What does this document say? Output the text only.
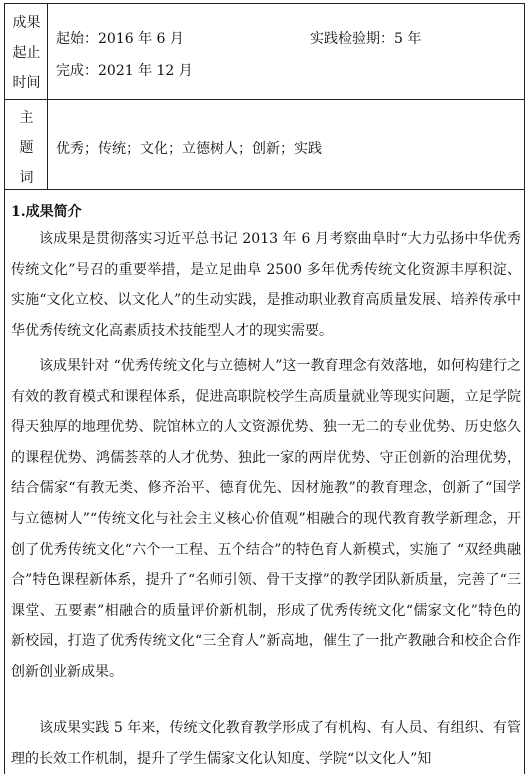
成果
起止
时间
起始：2016 年 6 月	实践检验期：5 年
完成：2021 年 12 月
主
题
词
优秀；传统；文化；立德树人；创新；实践
1.成果简介

该成果是贯彻落实习近平总书记 2013 年 6 月考察曲阜时“大力弘扬中华优秀传统文化”号召的重要举措，是立足曲阜 2500 多年优秀传统文化资源丰厚积淀、实施“文化立校、以文化人”的生动实践，是推动职业教育高质量发展、培养传承中华优秀传统文化高素质技术技能型人才的现实需要。

该成果针对 “优秀传统文化与立德树人”这一教育理念有效落地，如何构建行之有效的教育模式和课程体系，促进高职院校学生高质量就业等现实问题，立足学院得天独厚的地理优势、院馆林立的人文资源优势、独一无二的专业优势、历史悠久的课程优势、鸿儒荟萃的人才优势、独此一家的两岸优势、守正创新的治理优势，结合儒家“有教无类、修齐治平、德育优先、因材施教”的教育理念，创新了“国学与立德树人”“传统文化与社会主义核心价值观”相融合的现代教育教学新理念，开创了优秀传统文化“六个一工程、五个结合”的特色育人新模式，实施了 “双经典融合”特色课程新体系，提升了“名师引领、骨干支撑”的教学团队新质量，完善了“三课堂、五要素”相融合的质量评价新机制，形成了优秀传统文化“儒家文化”特色的新校园，打造了优秀传统文化“三全育人”新高地，催生了一批产教融合和校企合作创新创业新成果。

该成果实践 5 年来，传统文化教育教学形成了有机构、有人员、有组织、有管理的长效工作机制，提升了学生儒家文化认知度、学院“以文化人”知
